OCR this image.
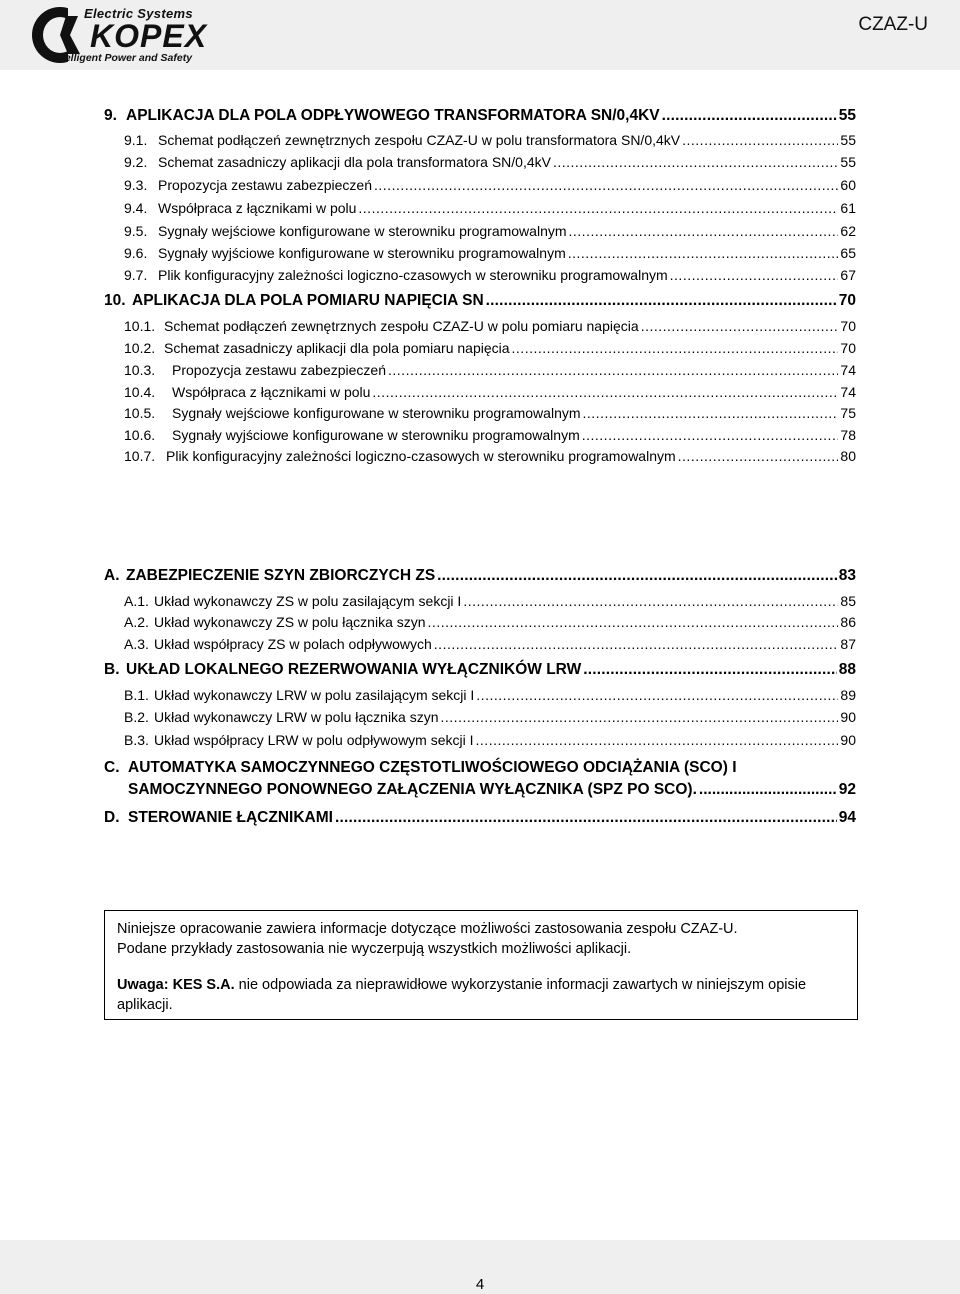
Electric Systems
KOPEX
Intelligent Power and Safety
CZAZ-U
9. APLIKACJA DLA POLA ODPŁYWOWEGO TRANSFORMATORA SN/0,4KV .....	55
9.1. Schemat podłączeń zewnętrznych zespołu CZAZ-U w polu transformatora SN/0,4kV .....	55
9.2. Schemat zasadniczy aplikacji dla pola transformatora SN/0,4kV .....	55
9.3. Propozycja zestawu zabezpieczeń .....	60
9.4. Współpraca z łącznikami w polu .....	61
9.5. Sygnały wejściowe konfigurowane w sterowniku programowalnym .....	62
9.6. Sygnały wyjściowe konfigurowane w sterowniku programowalnym .....	65
9.7. Plik konfiguracyjny zależności logiczno-czasowych w sterowniku programowalnym .....	67
10. APLIKACJA DLA POLA POMIARU NAPIĘCIA SN .....	70
10.1. Schemat podłączeń zewnętrznych zespołu CZAZ-U w polu pomiaru napięcia .....	70
10.2. Schemat zasadniczy aplikacji dla pola pomiaru napięcia .....	70
10.3.	Propozycja zestawu zabezpieczeń .....	74
10.4.	Współpraca z łącznikami w polu .....	74
10.5.	Sygnały wejściowe konfigurowane w sterowniku programowalnym .....	75
10.6.	Sygnały wyjściowe konfigurowane w sterowniku programowalnym .....	78
10.7. Plik konfiguracyjny zależności logiczno-czasowych w sterowniku programowalnym .....	80
A. ZABEZPIECZENIE SZYN ZBIORCZYCH ZS .....	83
A.1. Układ wykonawczy ZS w polu zasilającym sekcji I .....	85
A.2. Układ wykonawczy ZS w polu łącznika szyn .....	86
A.3. Układ współpracy ZS w polach odpływowych .....	87
B. UKŁAD LOKALNEGO REZERWOWANIA WYŁĄCZNIKÓW LRW .....	88
B.1. Układ wykonawczy LRW w polu zasilającym sekcji I .....	89
B.2. Układ wykonawczy LRW w polu łącznika szyn .....	90
B.3. Układ współpracy LRW w polu odpływowym sekcji I .....	90
C. AUTOMATYKA SAMOCZYNNEGO CZĘSTOTLIWOŚCIOWEGO ODCIĄŻANIA (SCO) I
SAMOCZYNNEGO PONOWNEGO ZAŁĄCZENIA WYŁĄCZNIKA (SPZ PO SCO). .....	92
D. STEROWANIE ŁĄCZNIKAMI .....	94

Niniejsze opracowanie zawiera informacje dotyczące możliwości zastosowania zespołu CZAZ-U.

Podane przykłady zastosowania nie wyczerpują wszystkich możliwości aplikacji.

Uwaga: KES S.A. nie odpowiada za nieprawidłowe wykorzystanie informacji zawartych w niniejszym opisie aplikacji.

4
